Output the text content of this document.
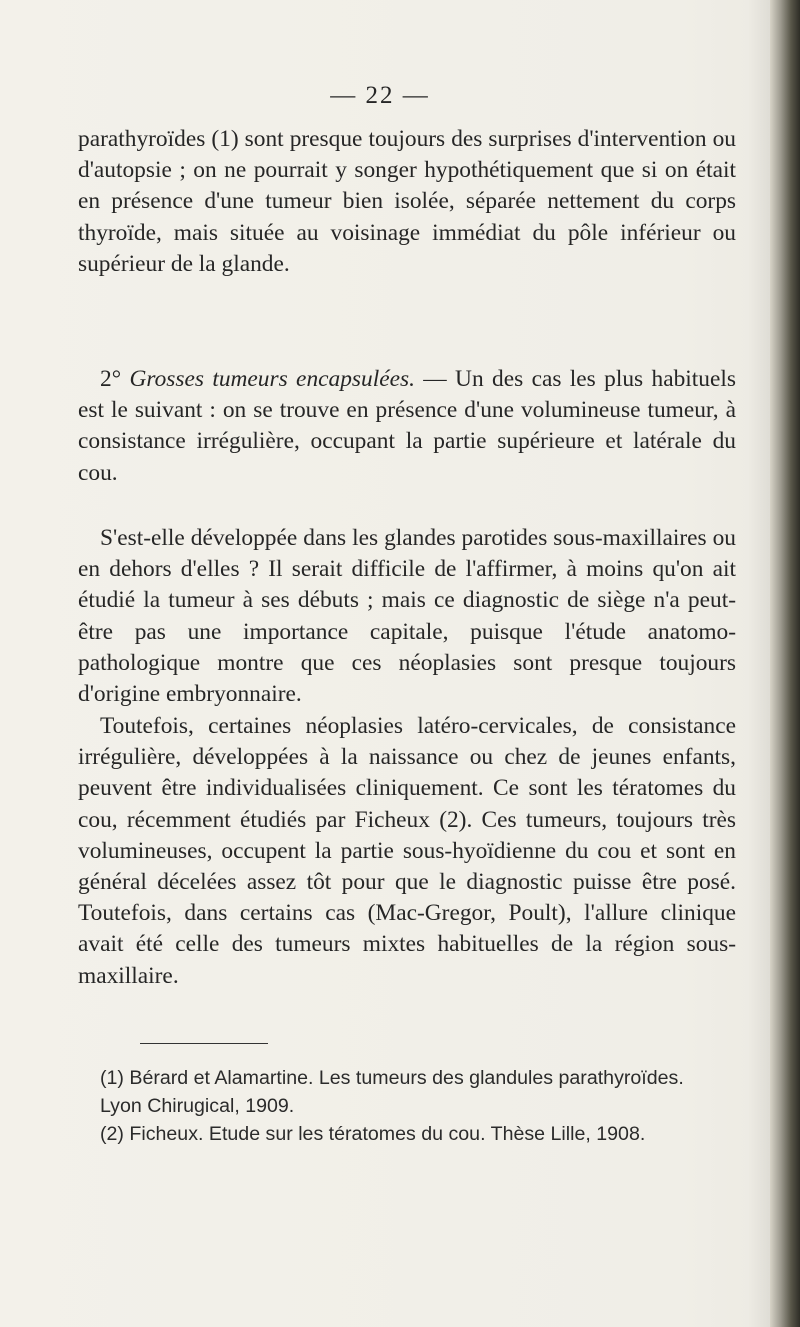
— 22 —

parathyroïdes (1) sont presque toujours des surprises d'intervention ou d'autopsie ; on ne pourrait y songer hypothétiquement que si on était en présence d'une tumeur bien isolée, séparée nettement du corps thyroïde, mais située au voisinage immédiat du pôle inférieur ou supérieur de la glande.

2° Grosses tumeurs encapsulées. — Un des cas les plus habituels est le suivant : on se trouve en présence d'une volumineuse tumeur, à consistance irrégulière, occupant la partie supérieure et latérale du cou.

S'est-elle développée dans les glandes parotides sous-maxillaires ou en dehors d'elles ? Il serait difficile de l'affirmer, à moins qu'on ait étudié la tumeur à ses débuts ; mais ce diagnostic de siège n'a peut-être pas une importance capitale, puisque l'étude anatomo-pathologique montre que ces néoplasies sont presque toujours d'origine embryonnaire.

Toutefois, certaines néoplasies latéro-cervicales, de consistance irrégulière, développées à la naissance ou chez de jeunes enfants, peuvent être individualisées cliniquement. Ce sont les tératomes du cou, récemment étudiés par Ficheux (2). Ces tumeurs, toujours très volumineuses, occupent la partie sous-hyoïdienne du cou et sont en général décelées assez tôt pour que le diagnostic puisse être posé. Toutefois, dans certains cas (Mac-Gregor, Poult), l'allure clinique avait été celle des tumeurs mixtes habituelles de la région sous-maxillaire.

(1) Bérard et Alamartine. Les tumeurs des glandules parathyroïdes. Lyon Chirugical, 1909.
(2) Ficheux. Etude sur les tératomes du cou. Thèse Lille, 1908.
